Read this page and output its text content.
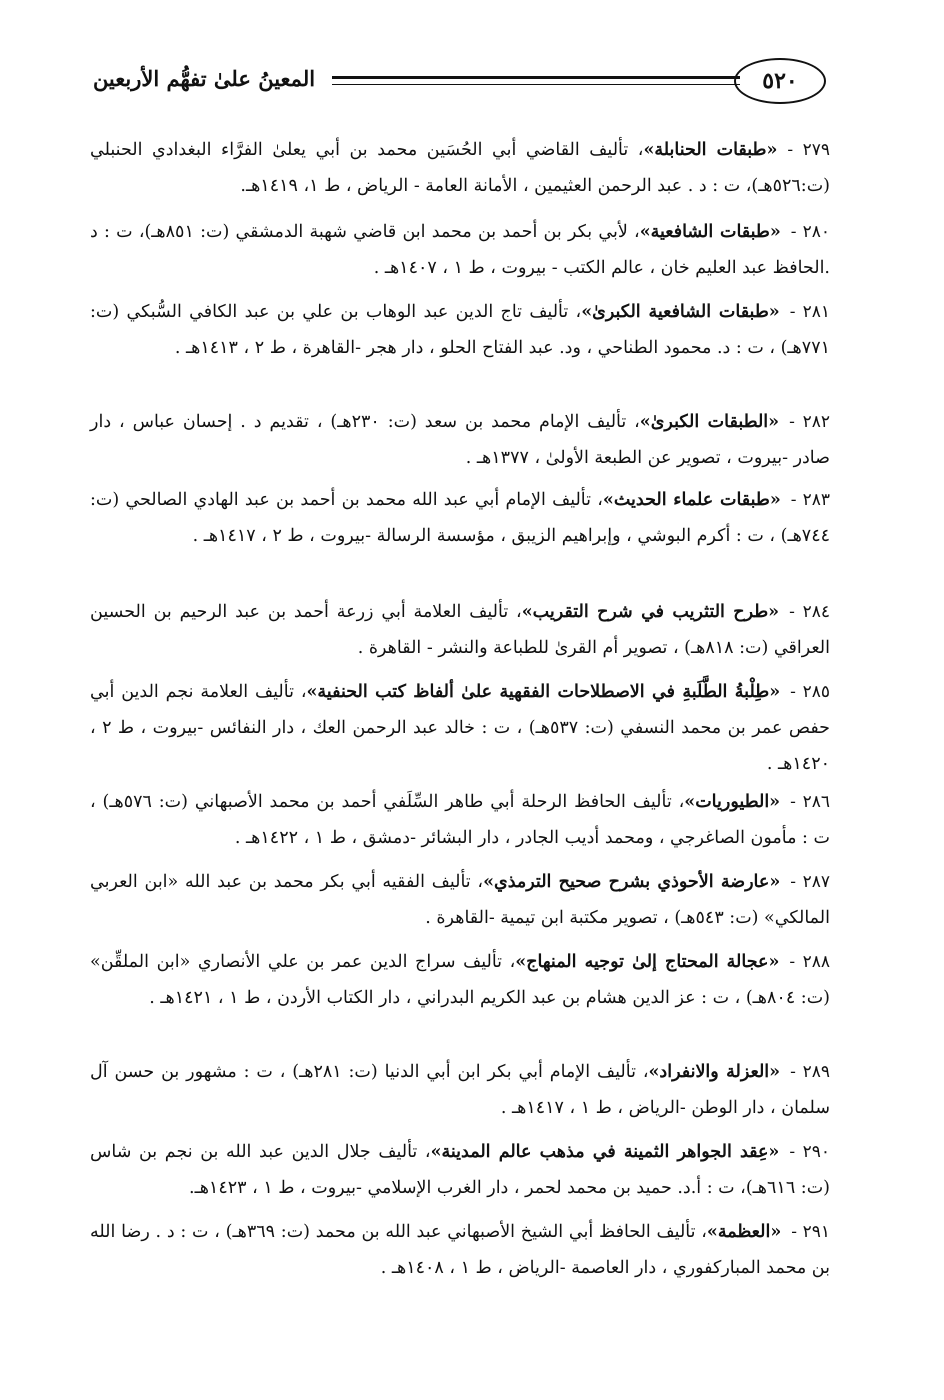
٥٢٠
المعينُ علىٰ تفهُّم الأربعين
٢٧٩ -«طبقات الحنابلة»، تأليف القاضي أبي الحُسَين محمد بن أبي يعلىٰ الفرَّاء البغدادي الحنبلي (ت:٥٢٦هـ)، ت : د . عبد الرحمن العثيمين ، الأمانة العامة - الرياض ، ط ١، ١٤١٩هـ.
٢٨٠ -«طبقات الشافعية»، لأبي بكر بن أحمد بن محمد ابن قاضي شهبة الدمشقي (ت: ٨٥١هـ)، ت : د .الحافظ عبد العليم خان ، عالم الكتب - بيروت ، ط ١ ، ١٤٠٧هـ .
٢٨١ -«طبقات الشافعية الكبرىٰ»، تأليف تاج الدين عبد الوهاب بن علي بن عبد الكافي السُّبكي (ت: ٧٧١هـ) ، ت : د. محمود الطناحي ، ود. عبد الفتاح الحلو ، دار هجر -القاهرة ، ط ٢ ، ١٤١٣هـ .
٢٨٢ -«الطبقات الكبرىٰ»، تأليف الإمام محمد بن سعد (ت: ٢٣٠هـ) ، تقديم د . إحسان عباس ، دار صادر -بيروت ، تصوير عن الطبعة الأولىٰ ، ١٣٧٧هـ .
٢٨٣ -«طبقات علماء الحديث»، تأليف الإمام أبي عبد الله محمد بن أحمد بن عبد الهادي الصالحي (ت: ٧٤٤هـ) ، ت : أكرم البوشي ، وإبراهيم الزيبق ، مؤسسة الرسالة -بيروت ، ط ٢ ، ١٤١٧هـ .
٢٨٤ -«طرح التثريب في شرح التقريب»، تأليف العلامة أبي زرعة أحمد بن عبد الرحيم بن الحسين العراقي (ت: ٨١٨هـ) ، تصوير أم القرىٰ للطباعة والنشر - القاهرة .
٢٨٥ -«طِلْبةُ الطَّلَبةِ في الاصطلاحات الفقهية علىٰ ألفاظ كتب الحنفية»، تأليف العلامة نجم الدين أبي حفص عمر بن محمد النسفي (ت: ٥٣٧هـ) ، ت : خالد عبد الرحمن العك ، دار النفائس -بيروت ، ط ٢ ، ١٤٢٠هـ .
٢٨٦ -«الطيوريات»، تأليف الحافظ الرحلة أبي طاهر السِّلَفي أحمد بن محمد الأصبهاني (ت: ٥٧٦هـ) ، ت : مأمون الصاغرجي ، ومحمد أديب الجادر ، دار البشائر -دمشق ، ط ١ ، ١٤٢٢هـ .
٢٨٧ -«عارضة الأحوذي بشرح صحيح الترمذي»، تأليف الفقيه أبي بكر محمد بن عبد الله «ابن العربي المالكي» (ت: ٥٤٣هـ) ، تصوير مكتبة ابن تيمية -القاهرة .
٢٨٨ -«عجالة المحتاج إلىٰ توجيه المنهاج»، تأليف سراج الدين عمر بن علي الأنصاري «ابن الملقِّن» (ت: ٨٠٤هـ) ، ت : عز الدين هشام بن عبد الكريم البدراني ، دار الكتاب الأردن ، ط ١ ، ١٤٢١هـ .
٢٨٩ -«العزلة والانفراد»، تأليف الإمام أبي بكر ابن أبي الدنيا (ت: ٢٨١هـ) ، ت : مشهور بن حسن آل سلمان ، دار الوطن -الرياض ، ط ١ ، ١٤١٧هـ .
٢٩٠ -«عِقد الجواهر الثمينة في مذهب عالم المدينة»، تأليف جلال الدين عبد الله بن نجم بن شاس (ت: ٦١٦هـ)، ت : أ.د. حميد بن محمد لحمر ، دار الغرب الإسلامي -بيروت ، ط ١ ، ١٤٢٣هـ.
٢٩١ -«العظمة»، تأليف الحافظ أبي الشيخ الأصبهاني عبد الله بن محمد (ت: ٣٦٩هـ) ، ت : د . رضا الله بن محمد المباركفوري ، دار العاصمة -الرياض ، ط ١ ، ١٤٠٨هـ .
